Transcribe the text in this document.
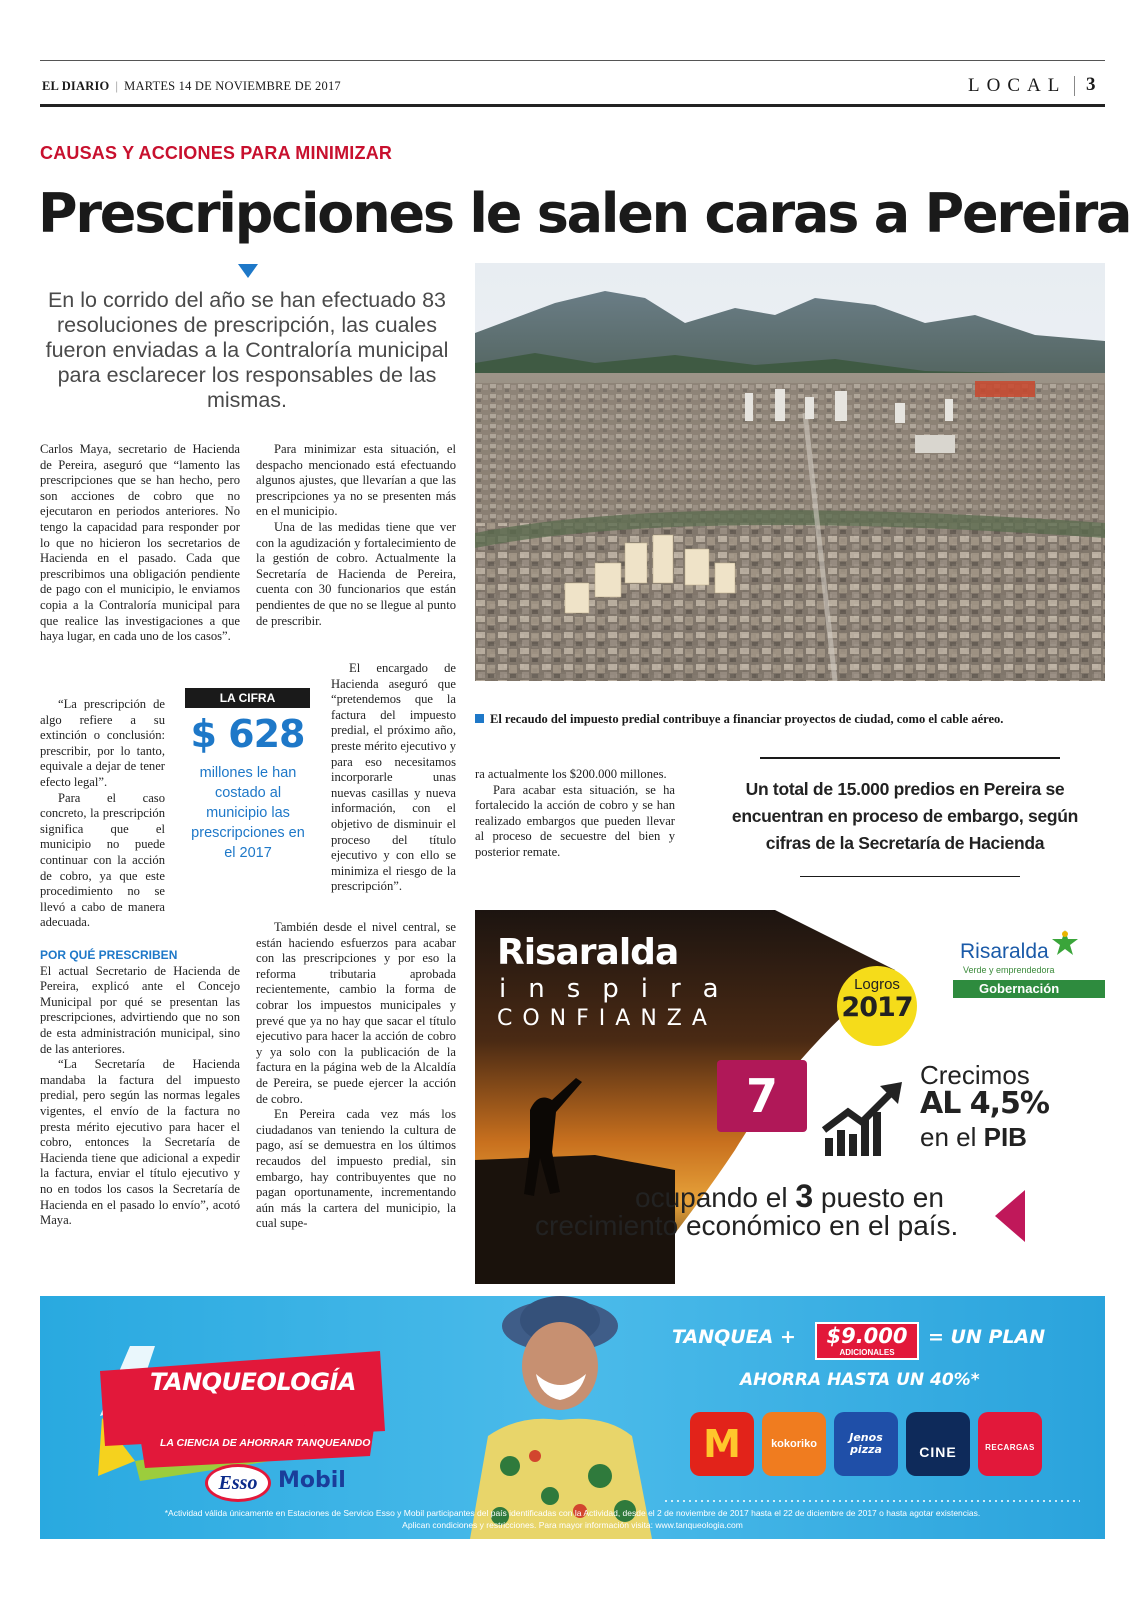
EL DIARIO | MARTES 14 DE NOVIEMBRE DE 2017	LOCAL 3
CAUSAS Y ACCIONES PARA MINIMIZAR
Prescripciones le salen caras a Pereira
En lo corrido del año se han efectuado 83 resoluciones de prescripción, las cuales fueron enviadas a la Contraloría municipal para esclarecer los responsables de las mismas.

Carlos Maya, secretario de Hacienda de Pereira, aseguró que “lamento las prescripciones que se han hecho, pero son acciones de cobro que no ejecutaron en periodos anteriores. No tengo la capacidad para responder por lo que no hicieron los secretarios de Hacienda en el pasado. Cada que prescribimos una obligación pendiente de pago con el municipio, le enviamos copia a la Contraloría municipal para que realice las investigaciones a que haya lugar, en cada uno de los casos”.

“La prescripción de algo refiere a su extinción o conclusión: prescribir, por lo tanto, equivale a dejar de tener efecto legal”.

Para el caso concreto, la prescripción significa que el municipio no puede continuar con la acción de cobro, ya que este procedimiento no se llevó a cabo de manera adecuada.

POR QUÉ PRESCRIBEN

El actual Secretario de Hacienda de Pereira, explicó ante el Concejo Municipal por qué se presentan las prescripciones, advirtiendo que no son de esta administración municipal, sino de las anteriores.

“La Secretaría de Hacienda mandaba la factura del impuesto predial, pero según las normas legales vigentes, el envío de la factura no presta mérito ejecutivo para hacer el cobro, entonces la Secretaría de Hacienda tiene que adicional a expedir la factura, enviar el título ejecutivo y no en todos los casos la Secretaría de Hacienda en el pasado lo envío”, acotó Maya.

LA CIFRA
$ 628
millones le han costado al municipio las prescripciones en el 2017

Para minimizar esta situación, el despacho mencionado está efectuando algunos ajustes, que llevarían a que las prescripciones ya no se presenten más en el municipio.

Una de las medidas tiene que ver con la agudización y fortalecimiento de la gestión de cobro. Actualmente la Secretaría de Hacienda de Pereira, cuenta con 30 funcionarios que están pendientes de que no se llegue al punto de prescribir.

El encargado de Hacienda aseguró que “pretendemos que la factura del impuesto predial, el próximo año, preste mérito ejecutivo y para eso necesitamos incorporarle unas nuevas casillas y nueva información, con el objetivo de disminuir el proceso del título ejecutivo y con ello se minimiza el riesgo de la prescripción”.

También desde el nivel central, se están haciendo esfuerzos para acabar con las prescripciones y por eso la reforma tributaria aprobada recientemente, cambio la forma de cobrar los impuestos municipales y prevé que ya no hay que sacar el título ejecutivo para hacer la acción de cobro y ya solo con la publicación de la factura en la página web de la Alcaldía de Pereira, se puede ejercer la acción de cobro.

En Pereira cada vez más los ciudadanos van teniendo la cultura de pago, así se demuestra en los últimos recaudos del impuesto predial, sin embargo, hay contribuyentes que no pagan oportunamente, incrementando aún más la cartera del municipio, la cual supe-

ra actualmente los $200.000 millones.

Para acabar esta situación, se ha fortalecido la acción de cobro y se han realizado embargos que pueden llevar al proceso de secuestre del bien y posterior remate.

El recaudo del impuesto predial contribuye a financiar proyectos de ciudad, como el cable aéreo.
Un total de 15.000 predios en Pereira se encuentran en proceso de embargo, según cifras de la Secretaría de Hacienda
Risaralda
inspira
CONFIANZA
Risaralda
Verde y emprendedora
Gobernación
Logros
2017
7	Crecimos
AL 4,5%
en el PIB
ocupando el 3 puesto en
crecimiento económico en el país.
TANQUEOLOGÍA
LA CIENCIA DE AHORRAR TANQUEANDO
Esso Mobil
TANQUEA +	$9.000
ADICIONALES
= UN PLAN
AHORRA HASTA UN 40%*
M	kokoriko	Jenos pizza	CINE	RECARGAS
*Actividad válida únicamente en Estaciones de Servicio Esso y Mobil participantes del país identificadas con la Actividad, desde el 2 de noviembre de 2017 hasta el 22 de diciembre de 2017 o hasta agotar existencias.
Aplican condiciones y restricciones. Para mayor información visita: www.tanqueologia.com
